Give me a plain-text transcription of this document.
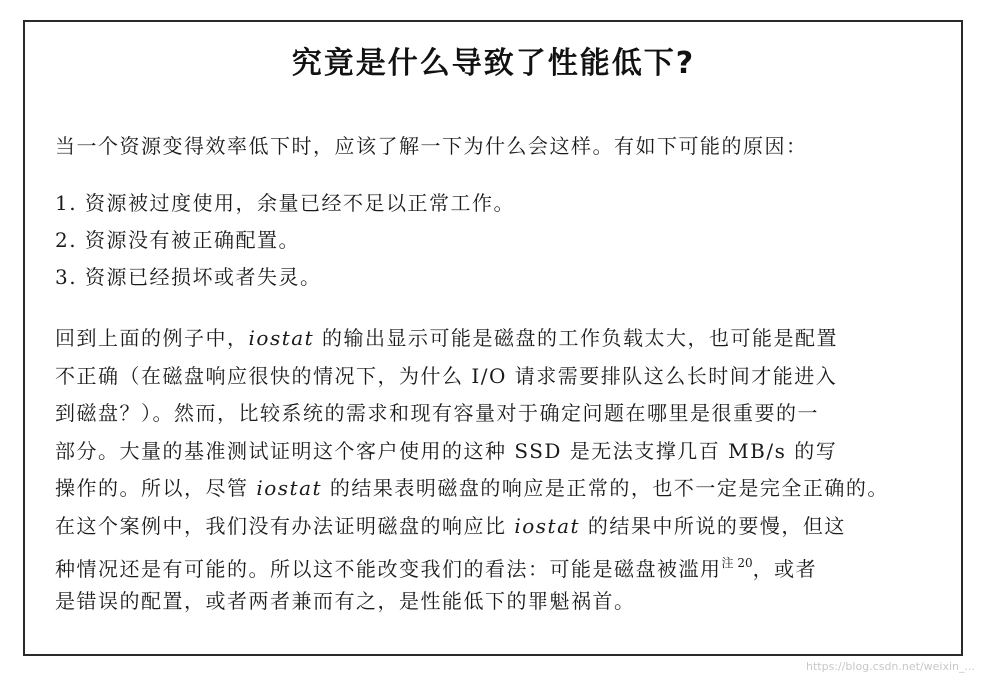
究竟是什么导致了性能低下?
当一个资源变得效率低下时，应该了解一下为什么会这样。有如下可能的原因：
1. 资源被过度使用，余量已经不足以正常工作。
2. 资源没有被正确配置。
3. 资源已经损坏或者失灵。
回到上面的例子中，iostat 的输出显示可能是磁盘的工作负载太大，也可能是配置
不正确（在磁盘响应很快的情况下，为什么 I/O 请求需要排队这么长时间才能进入
到磁盘？）。然而，比较系统的需求和现有容量对于确定问题在哪里是很重要的一
部分。大量的基准测试证明这个客户使用的这种 SSD 是无法支撑几百 MB/s 的写
操作的。所以，尽管 iostat 的结果表明磁盘的响应是正常的，也不一定是完全正确的。
在这个案例中，我们没有办法证明磁盘的响应比 iostat 的结果中所说的要慢，但这
种情况还是有可能的。所以这不能改变我们的看法：可能是磁盘被滥用$^{注 20}$，或者
是错误的配置，或者两者兼而有之，是性能低下的罪魁祸首。
https://blog.csdn.net/weixin_...
